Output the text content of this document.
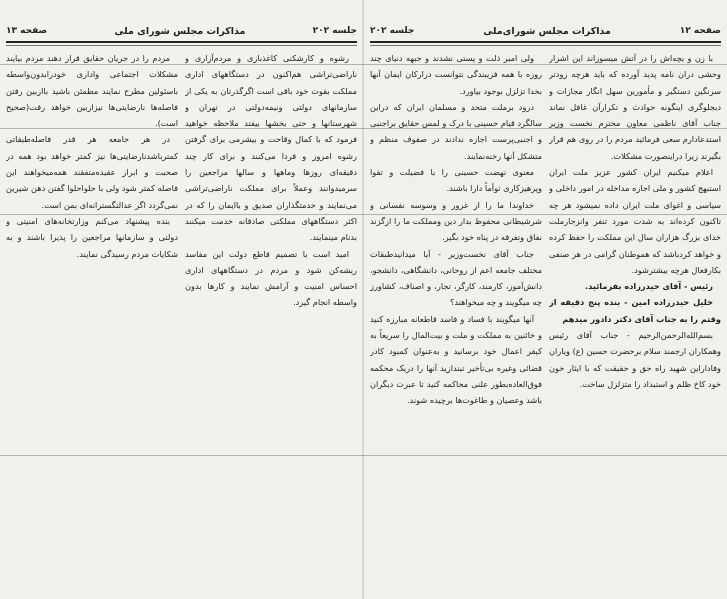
صفحه ۱۳	مذاکرات مجلس شورای ملی	جلسه ۲۰۲

رشوه و کارشکنی کاغذبازی و مردم‌آزاری و ناراضی‌تراشی هم‌اکنون در دستگاههای اداری مملکت بقوت خود باقی است اگرگذرتان به یکی از سازمانهای دولتی ونیمه‌دولتی در تهران و شهرستانها و حتی بخشها بیفتد ملاحظه خواهید فرمود که با کمال وقاحت و بیشرمی برای گرفتن رشوه امروز و فردا می‌کنند و برای کار چند دقیقه‌ای روزها وماهها و سالها مراجعین را سرمیدوانند وعملاً برای مملکت ناراضی‌تراشی می‌نمایند و خدمتگذاران صدیق و باایمان را که در اکثر دستگاههای مملکتی صادقانه خدمت میکنند بدنام مینمایند.

امید است با تصمیم قاطع دولت این مفاسد ریشه‌کن شود و مردم در دستگاههای اداری احساس امنیت و آرامش نمایند و کارها بدون واسطه انجام گیرد.

مردم را در جریان حقایق قرار دهند مردم بیایند مشکلات اجتماعی واداری خودرابدون‌واسطه باسئولین مطرح نمایند مطمئن باشید باازبین رفتن فاصله‌ها نارضایتی‌ها نیزازبین خواهد رفت(صحیح است).

در هر جامعه هر قدر فاصله‌طبقاتی کمترباشدنارضایتی‌ها نیز کمتر خواهد بود همه در صحبت و ابراز عقیده‌متفقند همه‌میخواهند این فاصله کمتر شود ولی با حلواحلوا گفتن دهن شیرین نمی‌گردد اگر عدالتگسترانه‌ای بمن است.

بنده پیشنهاد می‌کنم وزارتخانه‌های امنیتی و دولتی و سازمانها مراجعین را پذیرا باشند و به شکایات مردم رسیدگی نمایند.

جلسه ۲۰۲	مذاکرات مجلس شورای‌ملی	صفحه ۱۲

با زن و بچه‌اش را در آتش میسوزاند این اشرار وحشی دران نامه پدید آورده که باید هرچه زودتر سرنگین دستگیر و مأمورین سهل انگار مجازات و دبجلوگری اینگونه حوادث و تکرارآن غافل نماند جناب آقای ناظمی معاون محترم نخست وزیر استدعادارم سعی فرمائید مردم را در روی هم قرار بگیرند زیرا دراینصورت مشکلات.

اعلام میکنیم ایران کشور عزیز ملت ایران استبهج کشور و ملی اجازه مداخله در امور داخلی و سیاسی و اغوای ملت ایران داده نمیشود هر چه تاکنون کرده‌اند به شدت مورد تنفر وانزجارملت خدای بزرگ هزاران سال این مملکت را حفظ کرده و خواهد کردباشد که هموطنان گرامی در هر صنفی بکارفعال هرچه بیشترشود.

رئیس - آقای حیدرزاده بفرمائید.

خلیل حیدرزاده امین - بنده پنج دقیقه از وقتم را به جناب آقای دکتر دادور میدهم

بسم‌الله‌الرحمن‌الرحیم - جناب آقای رئیس وهمکاران ارجمند سلام برحضرت حسین (ع) ویاران وفاداراین شهید راه حق و حقیقت که با ایثار خون خود کاخ ظلم و استبداد را متزلزل ساخت.

ولی امیر ذلت و پستی نشدند و جبهه دنیای چند روزه با همه فریبندگی نتوانست درارکان ایمان آنها بخدا تزلزل بوجود بیاورد.

درود برملت متحد و مسلمان ایران که دراین سالگرد قیام حسینی با درک و لمس حقایق براجنبی و اجنبی‌پرست اجازه ندادند در صفوف منظم و متشکل آنها رخنه‌نمایند.

معنوی نهضت حسینی را با فضیلت و تقوا وپرهیزکاری توأماً دارا باشند.

خداوندا ما را از غرور و وسوسه نفسانی و شرشیطانی محفوظ بدار دین ومملکت ما را ازگزند نفاق وتفرقه در پناه خود بگیر.

جناب آقای نخست‌وزیر - آیا میدانیدطبقات مختلف جامعه اعم از روحانی، دانشگاهی، دانشجو، دانش‌آموز، کارمند، کارگر، تجار، و اصناف، کشاورز چه میگویند و چه میخواهند؟

آنها میگویند با فساد و فاسد قاطعانه مبارزه کنید و خائنین به مملکت و ملت و بیت‌المال را سریعاً به کیفر اعمال خود برسانید و به‌عنوان کمبود کادر قضائی وغیره بی‌تأخیر تبندازید آنها را دریک محکمه فوق‌العاده‌بطور علنی محاکمه کنید تا عبرت دیگران باشد وعصیان و طاغوت‌ها برچیده شوند.
